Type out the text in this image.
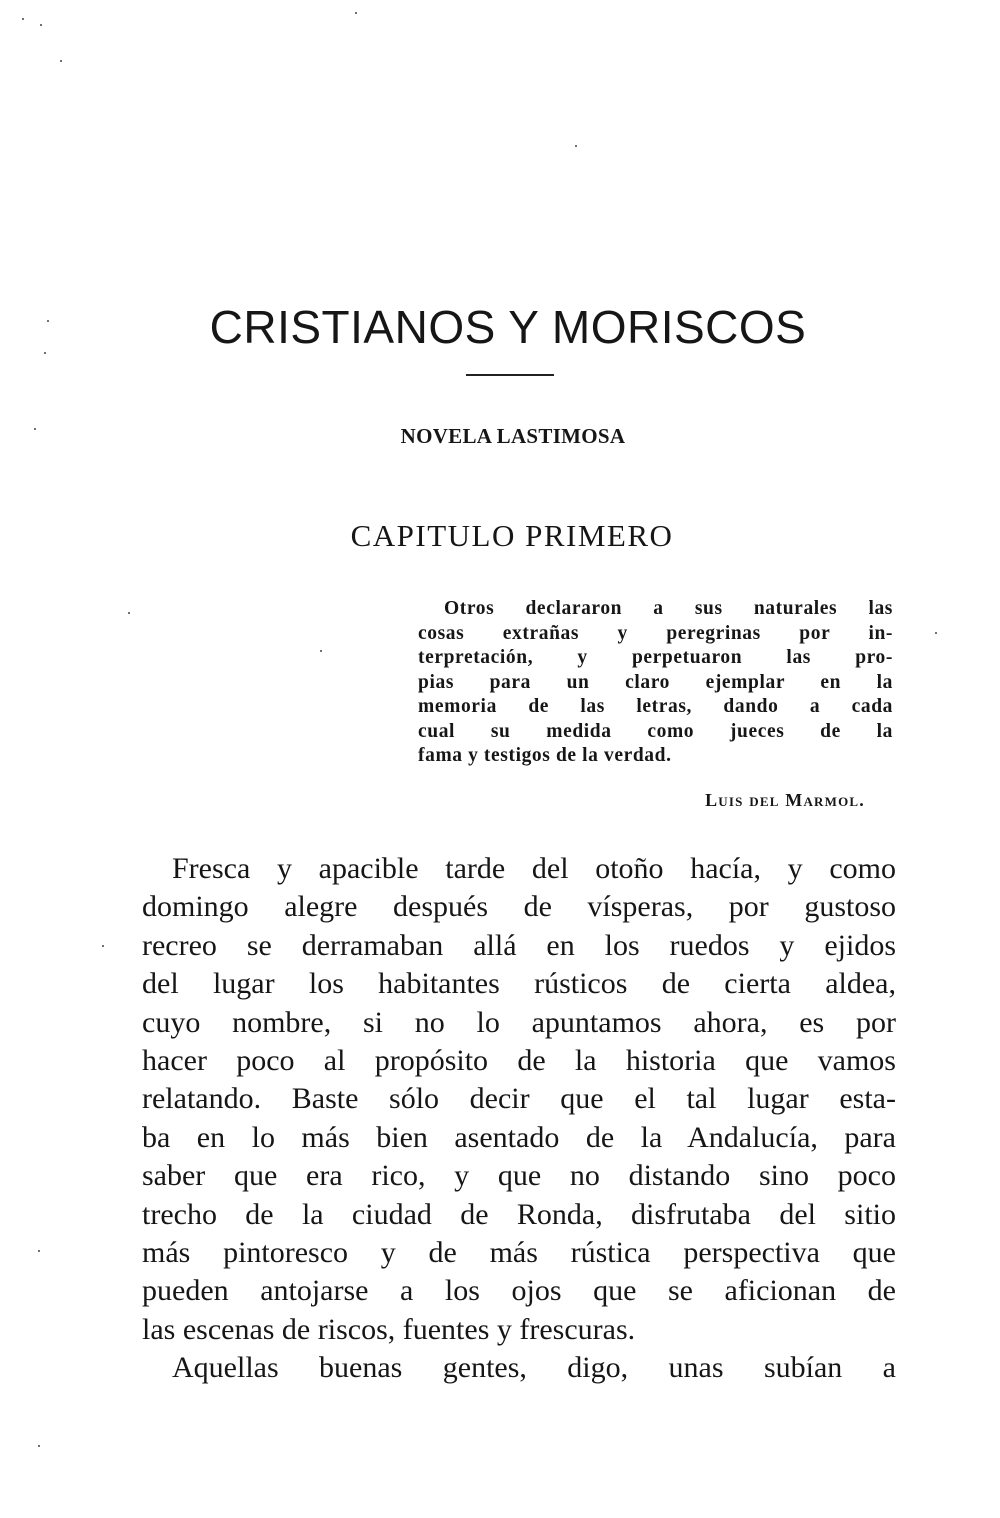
CRISTIANOS Y MORISCOS
NOVELA LASTIMOSA
CAPITULO PRIMERO
Otros declararon a sus naturales las
cosas extrañas y peregrinas por in-
terpretación, y perpetuaron las pro-
pias para un claro ejemplar en la
memoria de las letras, dando a cada
cual su medida como jueces de la
fama y testigos de la verdad.
Luis del Marmol.
Fresca y apacible tarde del otoño hacía, y como
domingo alegre después de vísperas, por gustoso
recreo se derramaban allá en los ruedos y ejidos
del lugar los habitantes rústicos de cierta aldea,
cuyo nombre, si no lo apuntamos ahora, es por
hacer poco al propósito de la historia que vamos
relatando. Baste sólo decir que el tal lugar esta-
ba en lo más bien asentado de la Andalucía, para
saber que era rico, y que no distando sino poco
trecho de la ciudad de Ronda, disfrutaba del sitio
más pintoresco y de más rústica perspectiva que
pueden antojarse a los ojos que se aficionan de
las escenas de riscos, fuentes y frescuras.
Aquellas buenas gentes, digo, unas subían a
